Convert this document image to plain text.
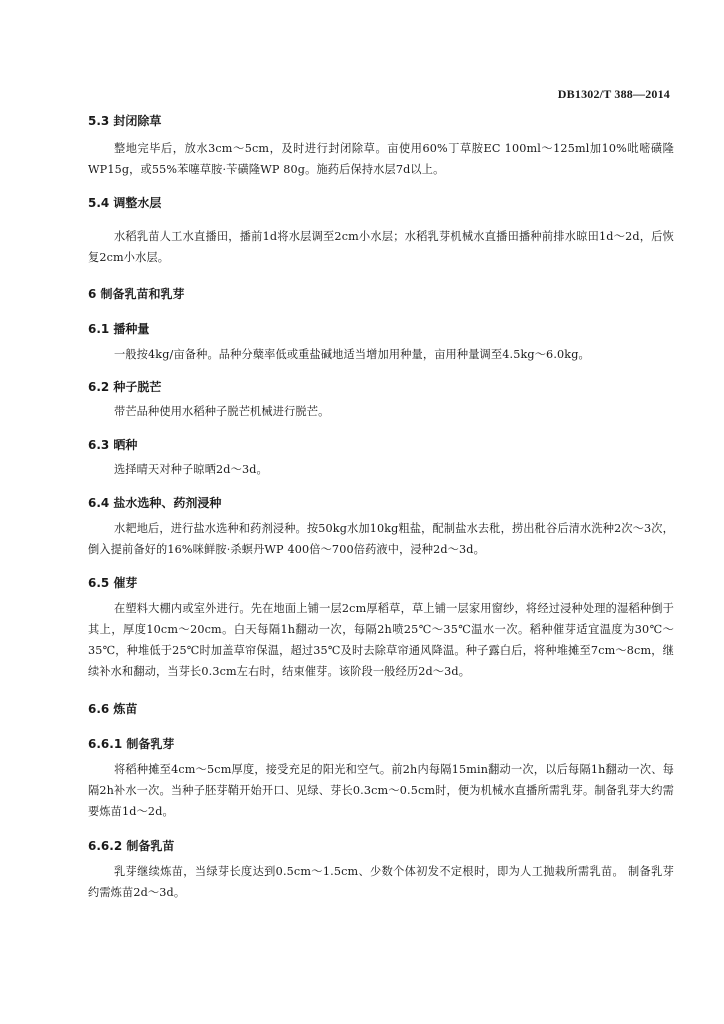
DB1302/T 388—2014

5.3 封闭除草

整地完毕后，放水3cm～5cm，及时进行封闭除草。亩使用60%丁草胺EC 100ml～125ml加10%吡嘧磺隆WP15g，或55%苯噻草胺·苄磺隆WP 80g。施药后保持水层7d以上。

5.4 调整水层

水稻乳苗人工水直播田，播前1d将水层调至2cm小水层；水稻乳芽机械水直播田播种前排水晾田1d～2d，后恢复2cm小水层。

6 制备乳苗和乳芽

6.1 播种量

一般按4kg/亩备种。品种分蘖率低或重盐碱地适当增加用种量，亩用种量调至4.5kg～6.0kg。

6.2 种子脱芒

带芒品种使用水稻种子脱芒机械进行脱芒。

6.3 晒种

选择晴天对种子晾晒2d～3d。

6.4 盐水选种、药剂浸种

水耙地后，进行盐水选种和药剂浸种。按50kg水加10kg粗盐，配制盐水去秕，捞出秕谷后清水洗种2次～3次，倒入提前备好的16%咪鲜胺·杀螟丹WP 400倍～700倍药液中，浸种2d～3d。

6.5 催芽

在塑料大棚内或室外进行。先在地面上铺一层2cm厚稻草，草上铺一层家用窗纱，将经过浸种处理的湿稻种倒于其上，厚度10cm～20cm。白天每隔1h翻动一次，每隔2h喷25℃～35℃温水一次。稻种催芽适宜温度为30℃～35℃，种堆低于25℃时加盖草帘保温，超过35℃及时去除草帘通风降温。种子露白后，将种堆摊至7cm～8cm，继续补水和翻动，当芽长0.3cm左右时，结束催芽。该阶段一般经历2d～3d。

6.6 炼苗

6.6.1 制备乳芽

将稻种摊至4cm～5cm厚度，接受充足的阳光和空气。前2h内每隔15min翻动一次，以后每隔1h翻动一次、每隔2h补水一次。当种子胚芽鞘开始开口、见绿、芽长0.3cm～0.5cm时，便为机械水直播所需乳芽。制备乳芽大约需要炼苗1d～2d。

6.6.2 制备乳苗

乳芽继续炼苗，当绿芽长度达到0.5cm～1.5cm、少数个体初发不定根时，即为人工抛栽所需乳苗。 制备乳芽约需炼苗2d～3d。
